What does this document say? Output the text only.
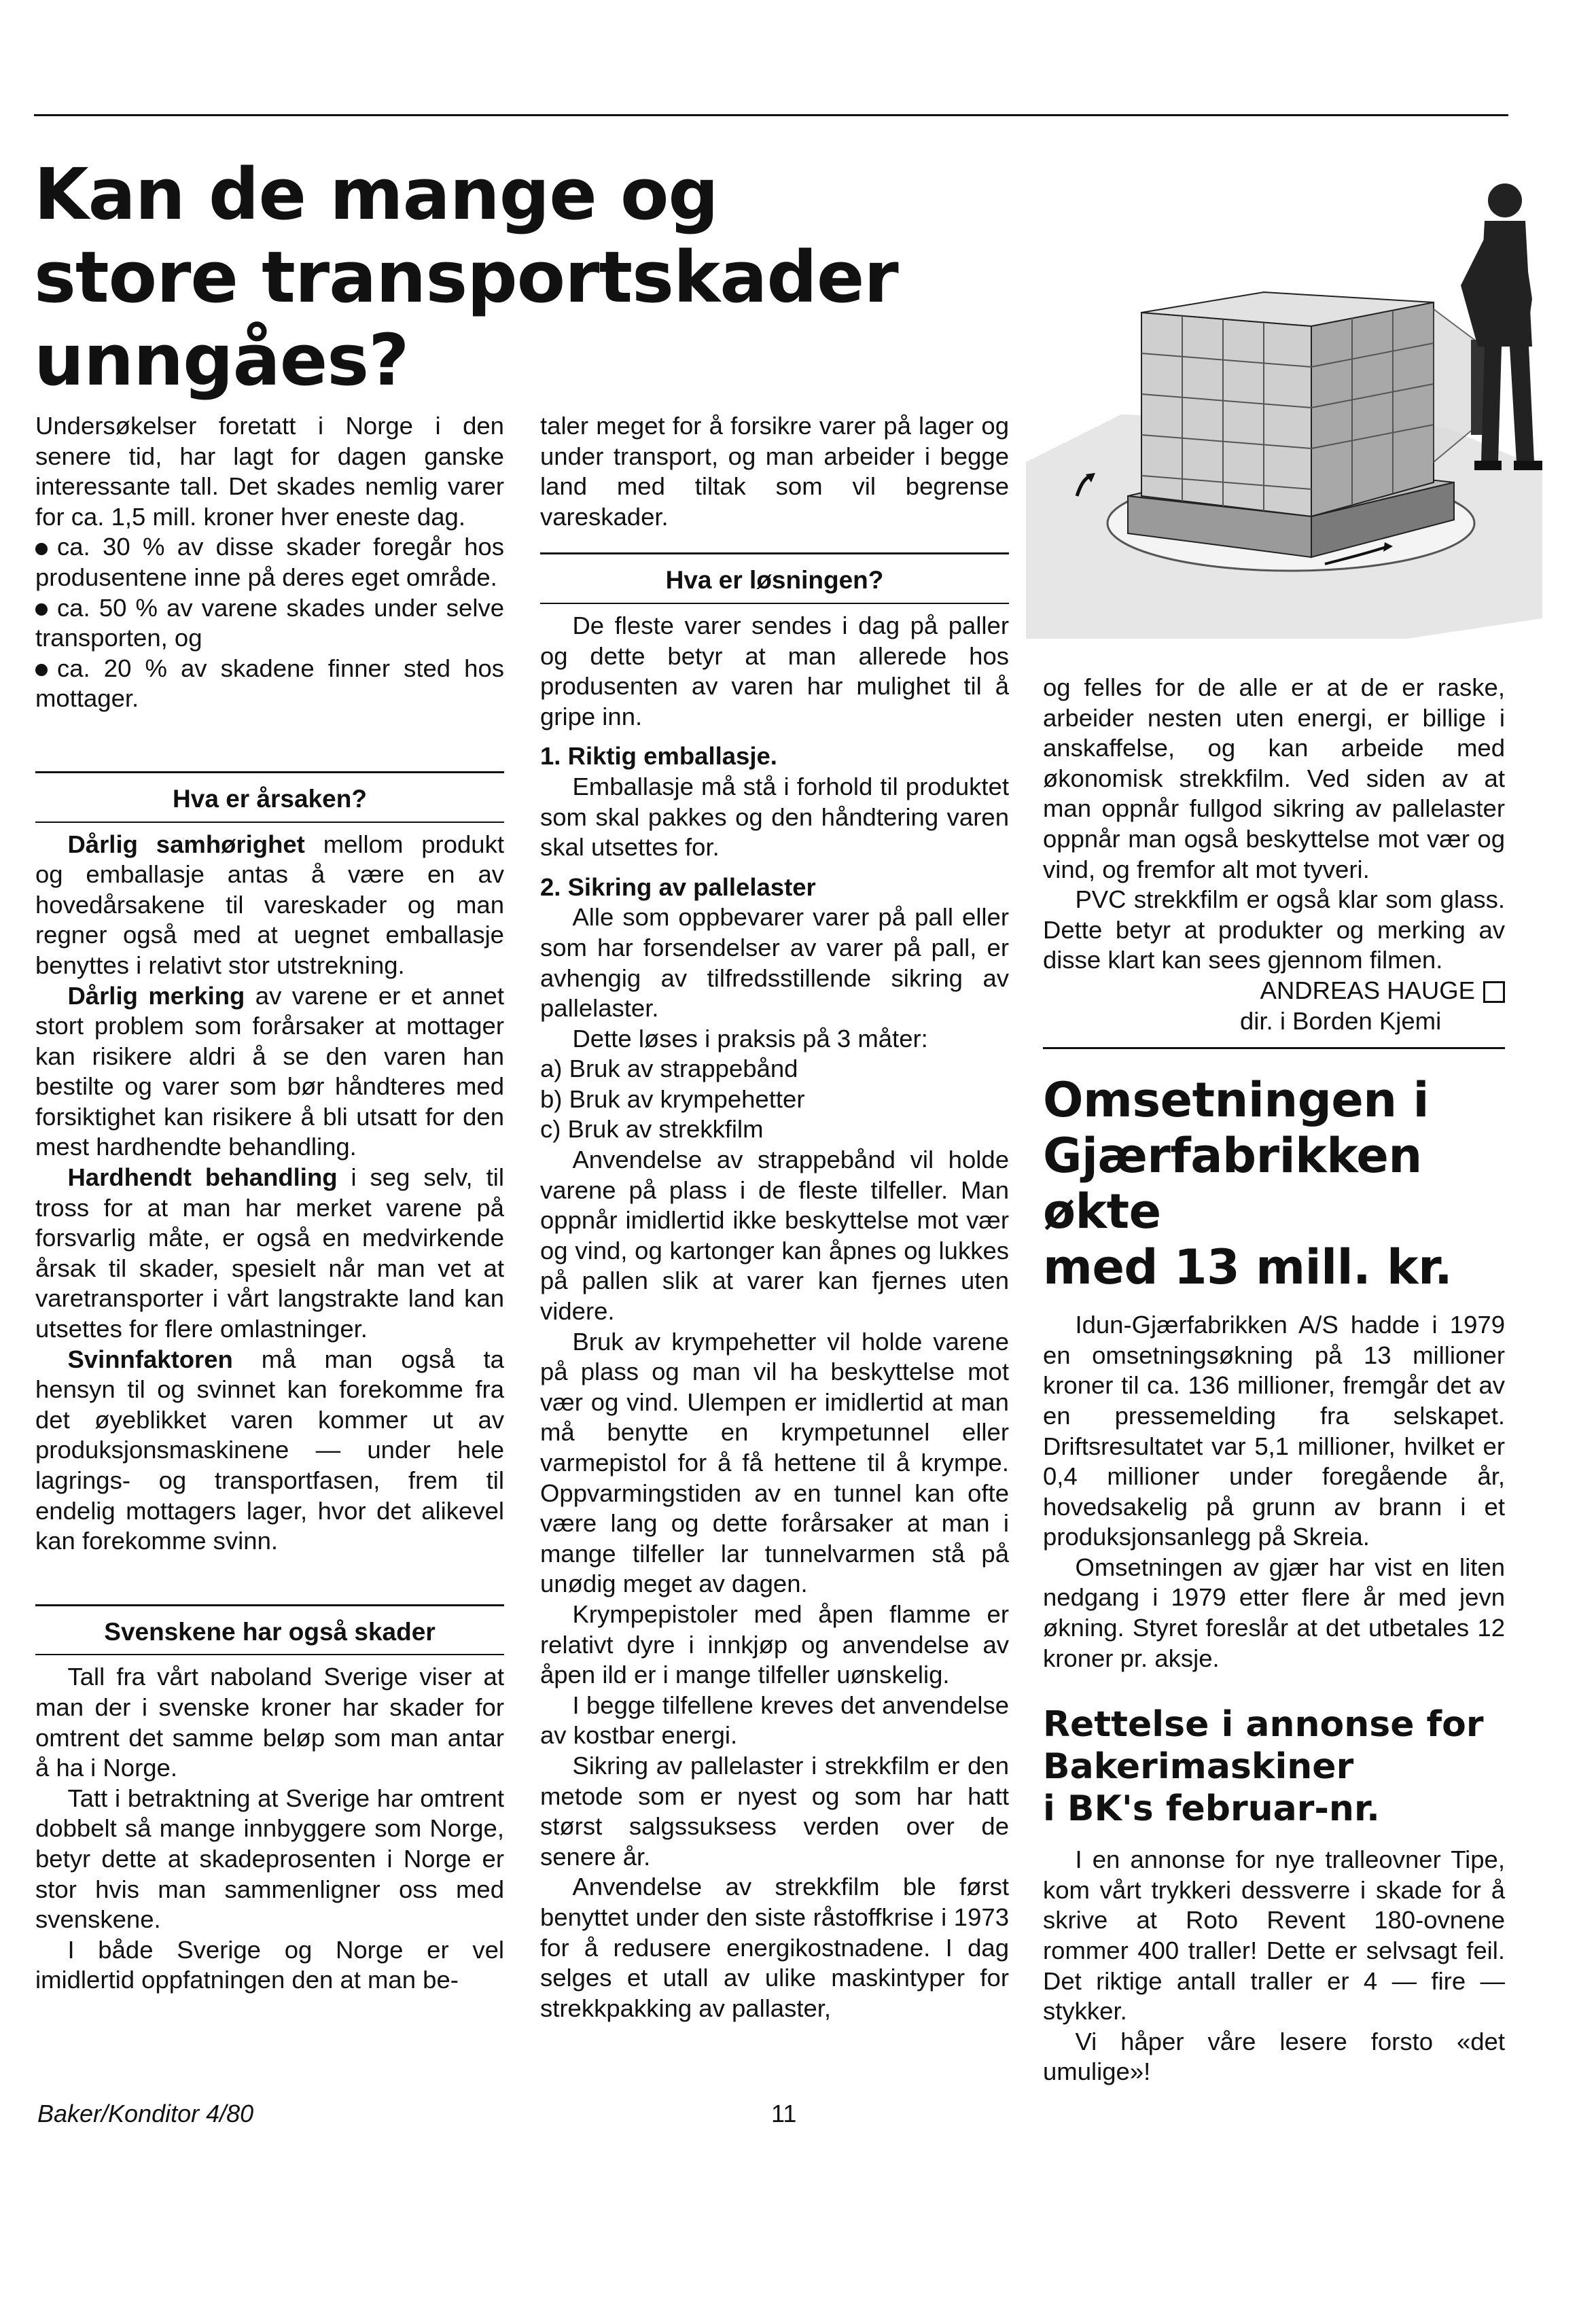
Kan de mange og
store transportskader
unngåes?

Undersøkelser foretatt i Norge i den senere tid, har lagt for dagen ganske interessante tall. Det skades nemlig varer for ca. 1,5 mill. kroner hver eneste dag.

ca. 30 % av disse skader foregår hos produsentene inne på deres eget område.

ca. 50 % av varene skades under selve transporten, og

ca. 20 % av skadene finner sted hos mottager.

Hva er årsaken?

Dårlig samhørighet mellom produkt og emballasje antas å være en av hovedårsakene til vareskader og man regner også med at uegnet emballasje benyttes i relativt stor utstrekning.

Dårlig merking av varene er et annet stort problem som forårsaker at mottager kan risikere aldri å se den varen han bestilte og varer som bør håndteres med forsiktighet kan risikere å bli utsatt for den mest hardhendte behandling.

Hardhendt behandling i seg selv, til tross for at man har merket varene på forsvarlig måte, er også en medvirkende årsak til skader, spesielt når man vet at varetransporter i vårt langstrakte land kan utsettes for flere omlastninger.

Svinnfaktoren må man også ta hensyn til og svinnet kan forekomme fra det øyeblikket varen kommer ut av produksjonsmaskinene — under hele lagrings- og transportfasen, frem til endelig mottagers lager, hvor det alikevel kan forekomme svinn.

Svenskene har også skader

Tall fra vårt naboland Sverige viser at man der i svenske kroner har skader for omtrent det samme beløp som man antar å ha i Norge.

Tatt i betraktning at Sverige har omtrent dobbelt så mange innbyggere som Norge, betyr dette at skadeprosenten i Norge er stor hvis man sammenligner oss med svenskene.

I både Sverige og Norge er vel imidlertid oppfatningen den at man be-

taler meget for å forsikre varer på lager og under transport, og man arbeider i begge land med tiltak som vil begrense vareskader.

Hva er løsningen?

De fleste varer sendes i dag på paller og dette betyr at man allerede hos produsenten av varen har mulighet til å gripe inn.

1. Riktig emballasje.

Emballasje må stå i forhold til produktet som skal pakkes og den håndtering varen skal utsettes for.

2. Sikring av pallelaster

Alle som oppbevarer varer på pall eller som har forsendelser av varer på pall, er avhengig av tilfredsstillende sikring av pallelaster.

Dette løses i praksis på 3 måter:

a) Bruk av strappebånd

b) Bruk av krympehetter

c) Bruk av strekkfilm

Anvendelse av strappebånd vil holde varene på plass i de fleste tilfeller. Man oppnår imidlertid ikke beskyttelse mot vær og vind, og kartonger kan åpnes og lukkes på pallen slik at varer kan fjernes uten videre.

Bruk av krympehetter vil holde varene på plass og man vil ha beskyttelse mot vær og vind. Ulempen er imidlertid at man må benytte en krympetunnel eller varmepistol for å få hettene til å krympe. Oppvarmingstiden av en tunnel kan ofte være lang og dette forårsaker at man i mange tilfeller lar tunnelvarmen stå på unødig meget av dagen.

Krympepistoler med åpen flamme er relativt dyre i innkjøp og anvendelse av åpen ild er i mange tilfeller uønskelig.

I begge tilfellene kreves det anvendelse av kostbar energi.

Sikring av pallelaster i strekkfilm er den metode som er nyest og som har hatt størst salgssuksess verden over de senere år.

Anvendelse av strekkfilm ble først benyttet under den siste råstoffkrise i 1973 for å redusere energikostnadene. I dag selges et utall av ulike maskintyper for strekkpakking av pallaster,

og felles for de alle er at de er raske, arbeider nesten uten energi, er billige i anskaffelse, og kan arbeide med økonomisk strekkfilm. Ved siden av at man oppnår fullgod sikring av pallelaster oppnår man også beskyttelse mot vær og vind, og fremfor alt mot tyveri.

PVC strekkfilm er også klar som glass. Dette betyr at produkter og merking av disse klart kan sees gjennom filmen.

ANDREAS HAUGE

dir. i Borden Kjemi

Omsetningen i
Gjærfabrikken økte
med 13 mill. kr.

Idun-Gjærfabrikken A/S hadde i 1979 en omsetningsøkning på 13 millioner kroner til ca. 136 millioner, fremgår det av en pressemelding fra selskapet. Driftsresultatet var 5,1 millioner, hvilket er 0,4 millioner under foregående år, hovedsakelig på grunn av brann i et produksjonsanlegg på Skreia.

Omsetningen av gjær har vist en liten nedgang i 1979 etter flere år med jevn økning. Styret foreslår at det utbetales 12 kroner pr. aksje.

Rettelse i annonse for
Bakerimaskiner
i BK's februar-nr.

I en annonse for nye tralleovner Tipe, kom vårt trykkeri dessverre i skade for å skrive at Roto Revent 180-ovnene rommer 400 traller! Dette er selvsagt feil. Det riktige antall traller er 4 — fire — stykker.

Vi håper våre lesere forsto «det umulige»!

Baker/Konditor 4/80	11
